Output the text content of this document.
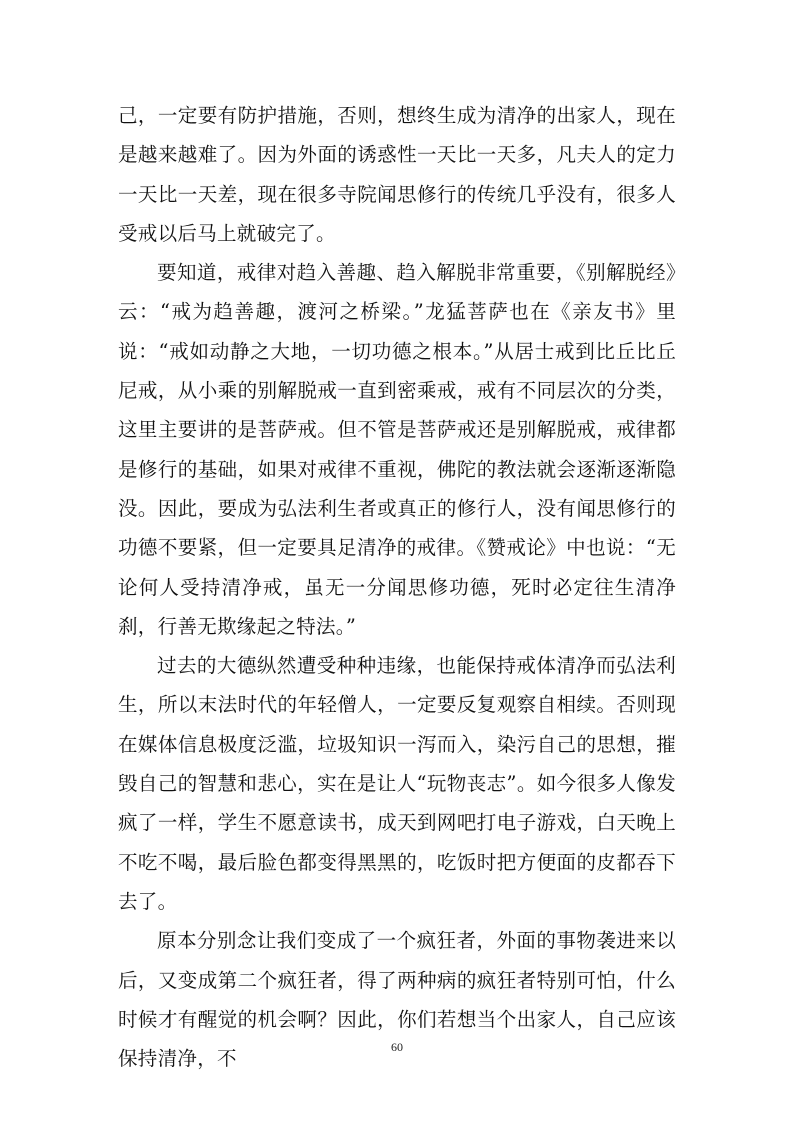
己，一定要有防护措施，否则，想终生成为清净的出家人，现在是越来越难了。因为外面的诱惑性一天比一天多，凡夫人的定力一天比一天差，现在很多寺院闻思修行的传统几乎没有，很多人受戒以后马上就破完了。

要知道，戒律对趋入善趣、趋入解脱非常重要，《别解脱经》云：“戒为趋善趣，渡河之桥梁。”龙猛菩萨也在《亲友书》里说：“戒如动静之大地，一切功德之根本。”从居士戒到比丘比丘尼戒，从小乘的别解脱戒一直到密乘戒，戒有不同层次的分类，这里主要讲的是菩萨戒。但不管是菩萨戒还是别解脱戒，戒律都是修行的基础，如果对戒律不重视，佛陀的教法就会逐渐逐渐隐没。因此，要成为弘法利生者或真正的修行人，没有闻思修行的功德不要紧，但一定要具足清净的戒律。《赞戒论》中也说：“无论何人受持清净戒，虽无一分闻思修功德，死时必定往生清净刹，行善无欺缘起之特法。”

过去的大德纵然遭受种种违缘，也能保持戒体清净而弘法利生，所以末法时代的年轻僧人，一定要反复观察自相续。否则现在媒体信息极度泛滥，垃圾知识一泻而入，染污自己的思想，摧毁自己的智慧和悲心，实在是让人“玩物丧志”。如今很多人像发疯了一样，学生不愿意读书，成天到网吧打电子游戏，白天晚上不吃不喝，最后脸色都变得黑黑的，吃饭时把方便面的皮都吞下去了。

原本分别念让我们变成了一个疯狂者，外面的事物袭进来以后，又变成第二个疯狂者，得了两种病的疯狂者特别可怕，什么时候才有醒觉的机会啊？因此，你们若想当个出家人，自己应该保持清净，不

60
